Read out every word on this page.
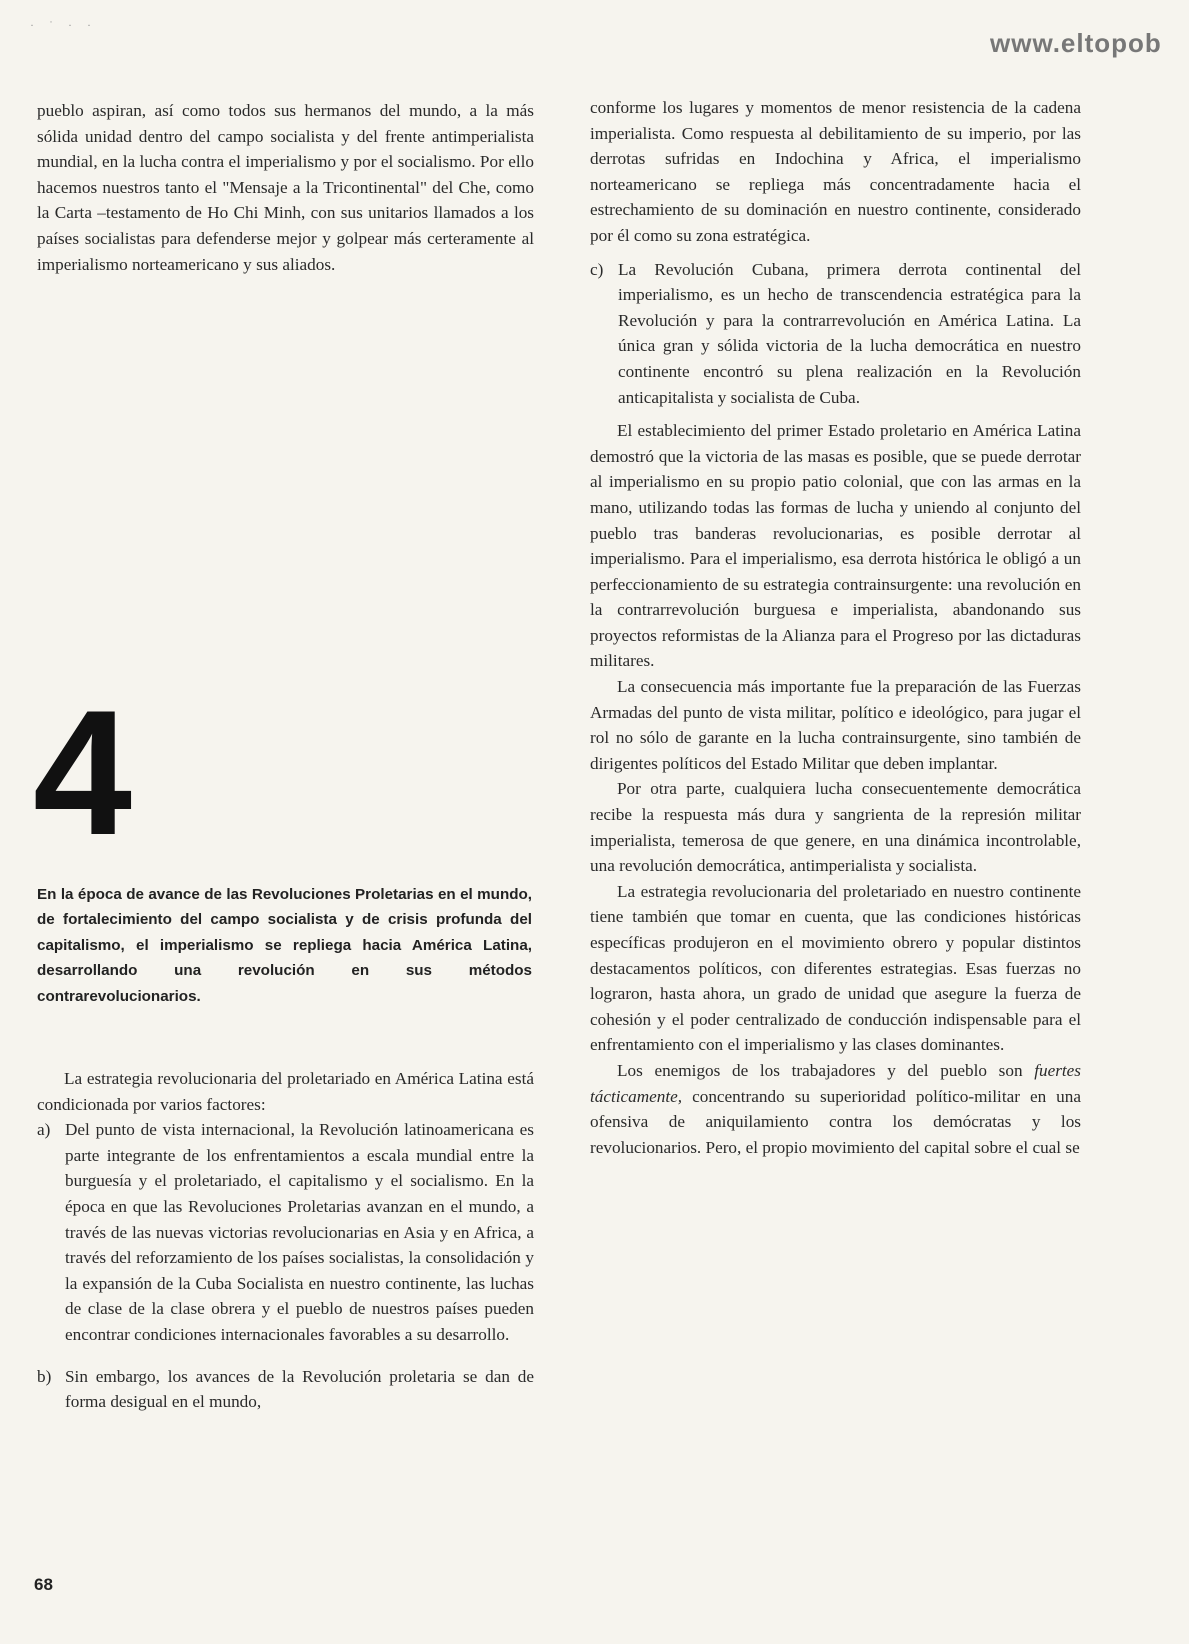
· ˙ · ·
www.eltopob

pueblo aspiran, así como todos sus hermanos del mundo, a la más sólida unidad dentro del campo socialista y del frente antimperialista mundial, en la lucha contra el imperialismo y por el socialismo. Por ello hacemos nuestros tanto el "Mensaje a la Tricontinental" del Che, como la Carta –testamento de Ho Chi Minh, con sus unitarios llamados a los países socialistas para defenderse mejor y golpear más certeramente al imperialismo norteamericano y sus aliados.

4
En la época de avance de las Revoluciones Proletarias en el mundo, de fortalecimiento del campo socialista y de crisis profunda del capitalismo, el imperialismo se repliega hacia América Latina, desarrollando una revolución en sus métodos contrarevolucionarios.

La estrategia revolucionaria del proletariado en América Latina está condicionada por varios factores:

a) Del punto de vista internacional, la Revolución latinoamericana es parte integrante de los enfrentamientos a escala mundial entre la burguesía y el proletariado, el capitalismo y el socialismo. En la época en que las Revoluciones Proletarias avanzan en el mundo, a través de las nuevas victorias revolucionarias en Asia y en Africa, a través del reforzamiento de los países socialistas, la consolidación y la expansión de la Cuba Socialista en nuestro continente, las luchas de clase de la clase obrera y el pueblo de nuestros países pueden encontrar condiciones internacionales favorables a su desarrollo.
b) Sin embargo, los avances de la Revolución proletaria se dan de forma desigual en el mundo,

conforme los lugares y momentos de menor resistencia de la cadena imperialista. Como respuesta al debilitamiento de su imperio, por las derrotas sufridas en Indochina y Africa, el imperialismo norteamericano se repliega más concentradamente hacia el estrechamiento de su dominación en nuestro continente, considerado por él como su zona estratégica.

c) La Revolución Cubana, primera derrota continental del imperialismo, es un hecho de transcendencia estratégica para la Revolución y para la contrarrevolución en América Latina. La única gran y sólida victoria de la lucha democrática en nuestro continente encontró su plena realización en la Revolución anticapitalista y socialista de Cuba.

El establecimiento del primer Estado proletario en América Latina demostró que la victoria de las masas es posible, que se puede derrotar al imperialismo en su propio patio colonial, que con las armas en la mano, utilizando todas las formas de lucha y uniendo al conjunto del pueblo tras banderas revolucionarias, es posible derrotar al imperialismo. Para el imperialismo, esa derrota histórica le obligó a un perfeccionamiento de su estrategia contrainsurgente: una revolución en la contrarrevolución burguesa e imperialista, abandonando sus proyectos reformistas de la Alianza para el Progreso por las dictaduras militares.

La consecuencia más importante fue la preparación de las Fuerzas Armadas del punto de vista militar, político e ideológico, para jugar el rol no sólo de garante en la lucha contrainsurgente, sino también de dirigentes políticos del Estado Militar que deben implantar.

Por otra parte, cualquiera lucha consecuentemente democrática recibe la respuesta más dura y sangrienta de la represión militar imperialista, temerosa de que genere, en una dinámica incontrolable, una revolución democrática, antimperialista y socialista.

La estrategia revolucionaria del proletariado en nuestro continente tiene también que tomar en cuenta, que las condiciones históricas específicas produjeron en el movimiento obrero y popular distintos destacamentos políticos, con diferentes estrategias. Esas fuerzas no lograron, hasta ahora, un grado de unidad que asegure la fuerza de cohesión y el poder centralizado de conducción indispensable para el enfrentamiento con el imperialismo y las clases dominantes.

Los enemigos de los trabajadores y del pueblo son fuertes tácticamente, concentrando su superioridad político-militar en una ofensiva de aniquilamiento contra los demócratas y los revolucionarios. Pero, el propio movimiento del capital sobre el cual se

68
